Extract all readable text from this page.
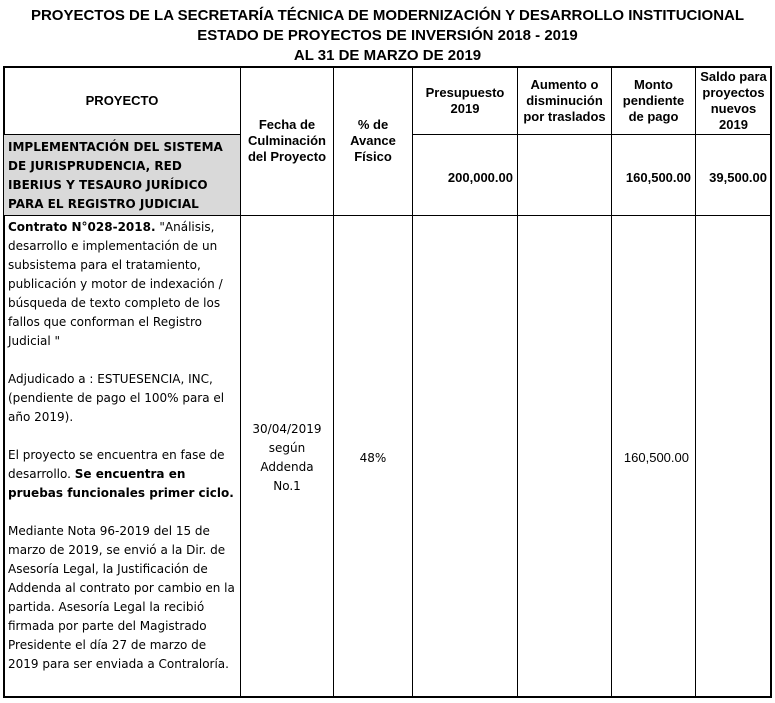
PROYECTOS DE LA SECRETARÍA TÉCNICA DE MODERNIZACIÓN Y DESARROLLO INSTITUCIONAL
ESTADO DE PROYECTOS DE INVERSIÓN 2018 - 2019
AL 31 DE MARZO DE 2019
PROYECTO
Fecha de Culminación del Proyecto
% de Avance Físico
Presupuesto 2019
Aumento o disminución por traslados
Monto pendiente de pago
Saldo para proyectos nuevos 2019
IMPLEMENTACIÓN DEL SISTEMA DE JURISPRUDENCIA, RED IBERIUS Y TESAURO JURÍDICO PARA EL REGISTRO JUDICIAL
200,000.00	160,500.00 39,500.00
Contrato N°028-2018. "Análisis, desarrollo e implementación de un subsistema para el tratamiento, publicación y motor de indexación / búsqueda de texto completo de los fallos que conforman el Registro Judicial "
Adjudicado a : ESTUESENCIA, INC, (pendiente de pago el 100% para el año 2019).
El proyecto se encuentra en fase de desarrollo. Se encuentra en pruebas funcionales primer ciclo.
Mediante Nota 96-2019 del 15 de marzo de 2019, se envió a la Dir. de Asesoría Legal, la Justificación de Addenda al contrato por cambio en la partida. Asesoría Legal la recibió firmada por parte del Magistrado Presidente el día 27 de marzo de 2019 para ser enviada a Contraloría.
30/04/2019 según Addenda No.1
48%	160,500.00
